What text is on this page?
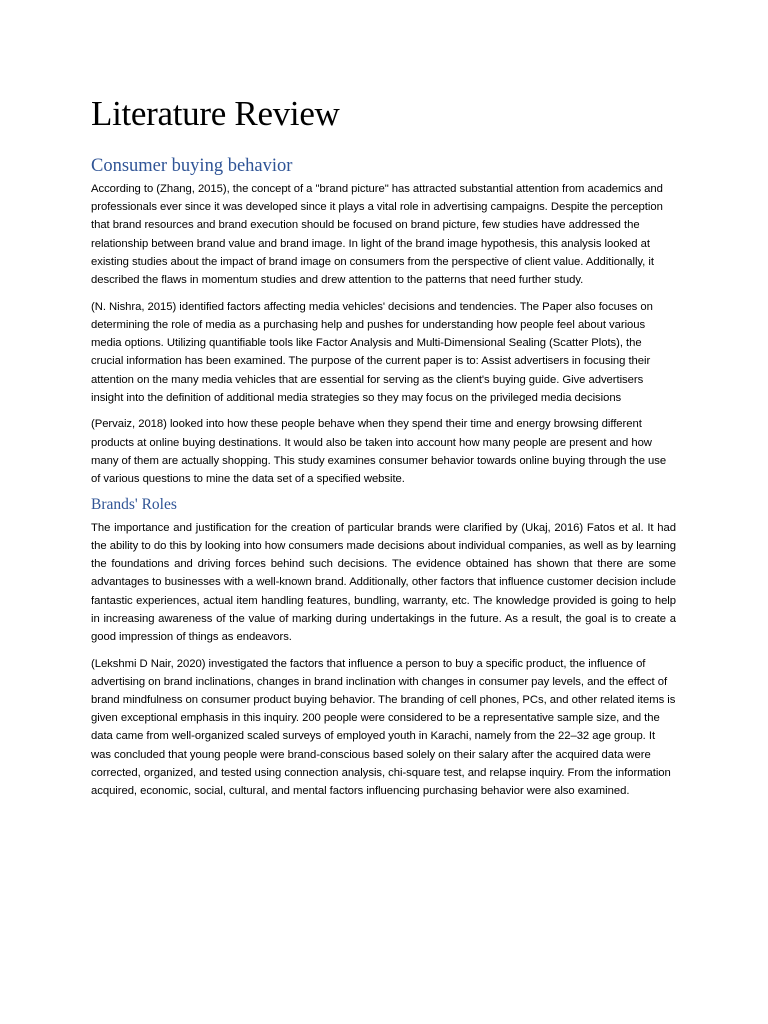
Literature Review
Consumer buying behavior

According to (Zhang, 2015), the concept of a "brand picture" has attracted substantial attention from academics and professionals ever since it was developed since it plays a vital role in advertising campaigns. Despite the perception that brand resources and brand execution should be focused on brand picture, few studies have addressed the relationship between brand value and brand image. In light of the brand image hypothesis, this analysis looked at existing studies about the impact of brand image on consumers from the perspective of client value. Additionally, it described the flaws in momentum studies and drew attention to the patterns that need further study.

(N. Nishra, 2015) identified factors affecting media vehicles' decisions and tendencies. The Paper also focuses on determining the role of media as a purchasing help and pushes for understanding how people feel about various media options. Utilizing quantifiable tools like Factor Analysis and Multi-Dimensional Sealing (Scatter Plots), the crucial information has been examined. The purpose of the current paper is to: Assist advertisers in focusing their attention on the many media vehicles that are essential for serving as the client's buying guide. Give advertisers insight into the definition of additional media strategies so they may focus on the privileged media decisions

(Pervaiz, 2018) looked into how these people behave when they spend their time and energy browsing different products at online buying destinations. It would also be taken into account how many people are present and how many of them are actually shopping. This study examines consumer behavior towards online buying through the use of various questions to mine the data set of a specified website.

Brands' Roles

The importance and justification for the creation of particular brands were clarified by (Ukaj, 2016) Fatos et al. It had the ability to do this by looking into how consumers made decisions about individual companies, as well as by learning the foundations and driving forces behind such decisions. The evidence obtained has shown that there are some advantages to businesses with a well-known brand. Additionally, other factors that influence customer decision include fantastic experiences, actual item handling features, bundling, warranty, etc. The knowledge provided is going to help in increasing awareness of the value of marking during undertakings in the future. As a result, the goal is to create a good impression of things as endeavors.

(Lekshmi D Nair, 2020) investigated the factors that influence a person to buy a specific product, the influence of advertising on brand inclinations, changes in brand inclination with changes in consumer pay levels, and the effect of brand mindfulness on consumer product buying behavior. The branding of cell phones, PCs, and other related items is given exceptional emphasis in this inquiry. 200 people were considered to be a representative sample size, and the data came from well-organized scaled surveys of employed youth in Karachi, namely from the 22–32 age group. It was concluded that young people were brand-conscious based solely on their salary after the acquired data were corrected, organized, and tested using connection analysis, chi-square test, and relapse inquiry. From the information acquired, economic, social, cultural, and mental factors influencing purchasing behavior were also examined.
